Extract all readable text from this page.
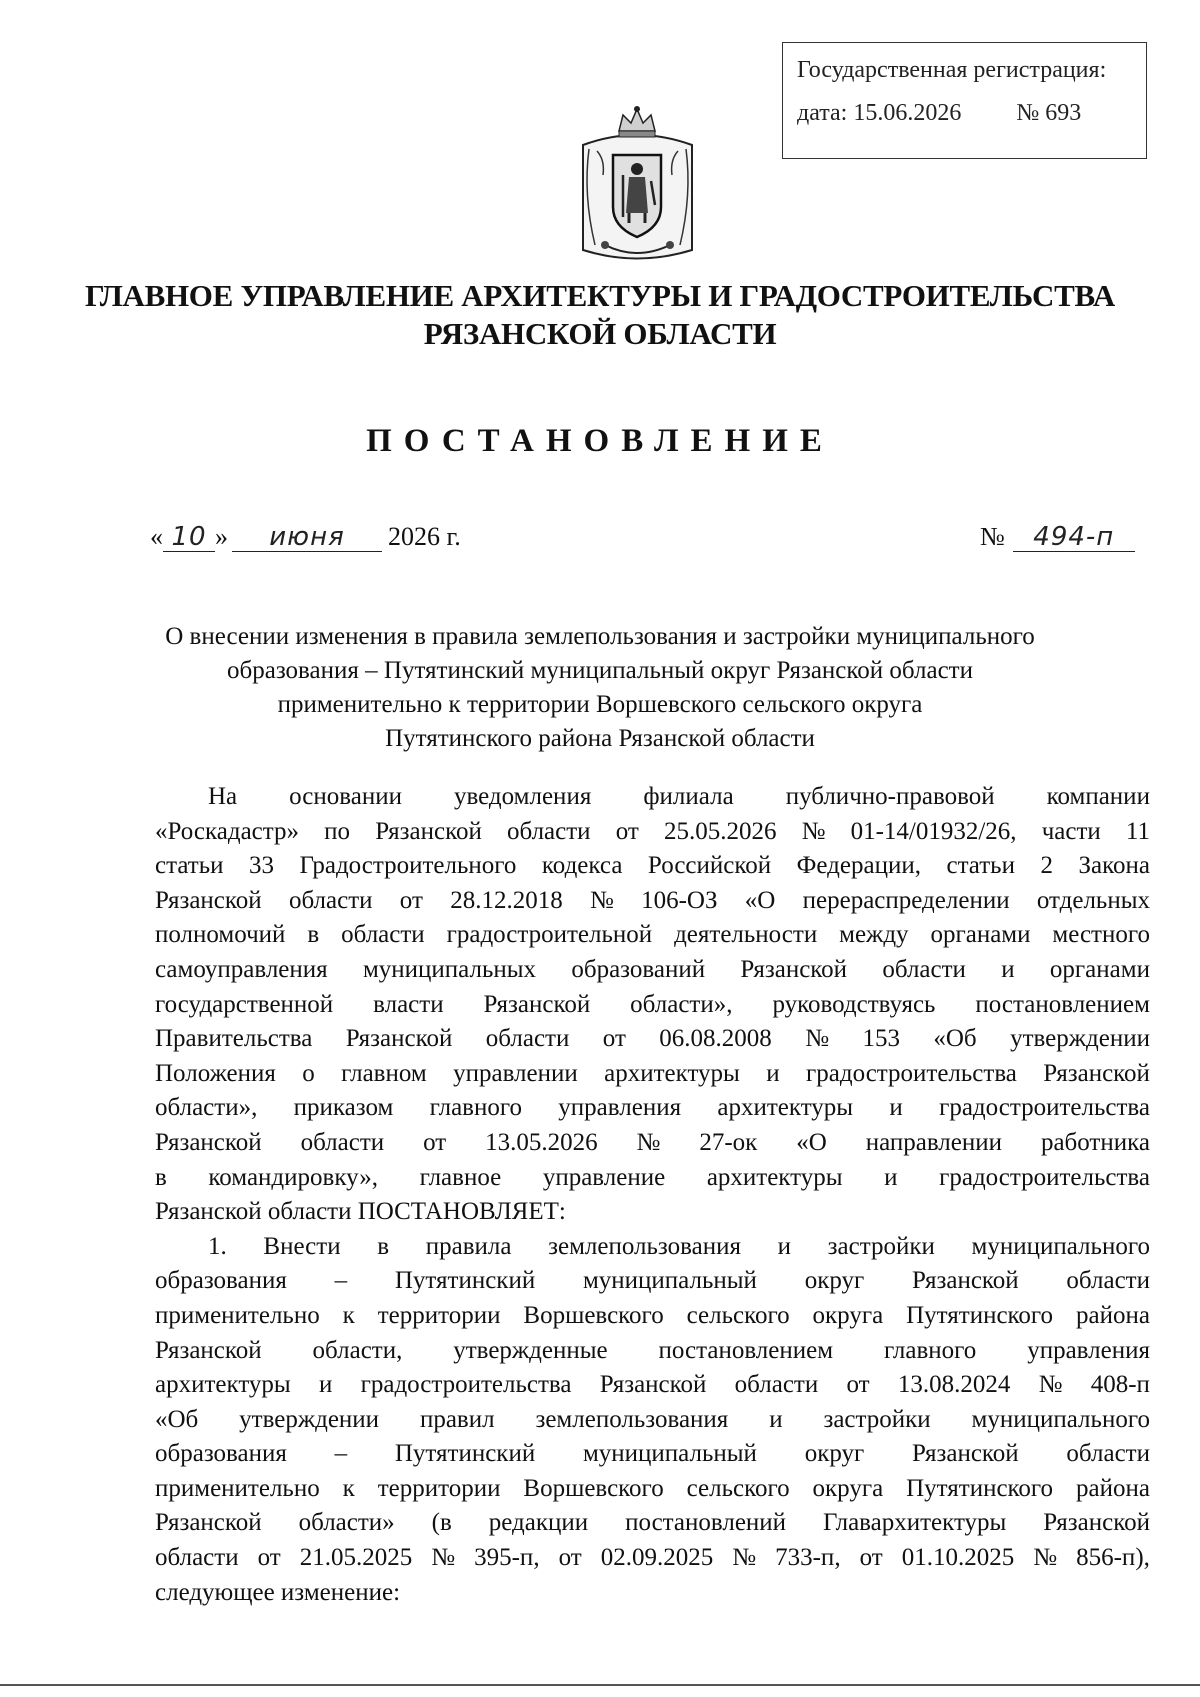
Государственная регистрация:
дата: 15.06.2026 № 693
ГЛАВНОЕ УПРАВЛЕНИЕ АРХИТЕКТУРЫ И ГРАДОСТРОИТЕЛЬСТВА
РЯЗАНСКОЙ ОБЛАСТИ
ПОСТАНОВЛЕНИЕ
« 10 »	июня	2026 г.	№	494-п
О внесении изменения в правила землепользования и застройки муниципального
образования – Путятинский муниципальный округ Рязанской области
применительно к территории Воршевского сельского округа
Путятинского района Рязанской области
На основании уведомления филиала публично-правовой компании
«Роскадастр» по Рязанской области от 25.05.2026 № 01-14/01932/26, части 11
статьи 33 Градостроительного кодекса Российской Федерации, статьи 2 Закона
Рязанской области от 28.12.2018 № 106-ОЗ «О перераспределении отдельных
полномочий в области градостроительной деятельности между органами местного
самоуправления муниципальных образований Рязанской области и органами
государственной власти Рязанской области», руководствуясь постановлением
Правительства Рязанской области от 06.08.2008 № 153 «Об утверждении
Положения о главном управлении архитектуры и градостроительства Рязанской
области», приказом главного управления архитектуры и градостроительства
Рязанской области от 13.05.2026 № 27-ок «О направлении работника
в командировку», главное управление архитектуры и градостроительства
Рязанской области ПОСТАНОВЛЯЕТ:
1. Внести в правила землепользования и застройки муниципального
образования – Путятинский муниципальный округ Рязанской области
применительно к территории Воршевского сельского округа Путятинского района
Рязанской области, утвержденные постановлением главного управления
архитектуры и градостроительства Рязанской области от 13.08.2024 № 408-п
«Об утверждении правил землепользования и застройки муниципального
образования – Путятинский муниципальный округ Рязанской области
применительно к территории Воршевского сельского округа Путятинского района
Рязанской области» (в редакции постановлений Главархитектуры Рязанской
области от 21.05.2025 № 395-п, от 02.09.2025 № 733-п, от 01.10.2025 № 856-п),
следующее изменение:
